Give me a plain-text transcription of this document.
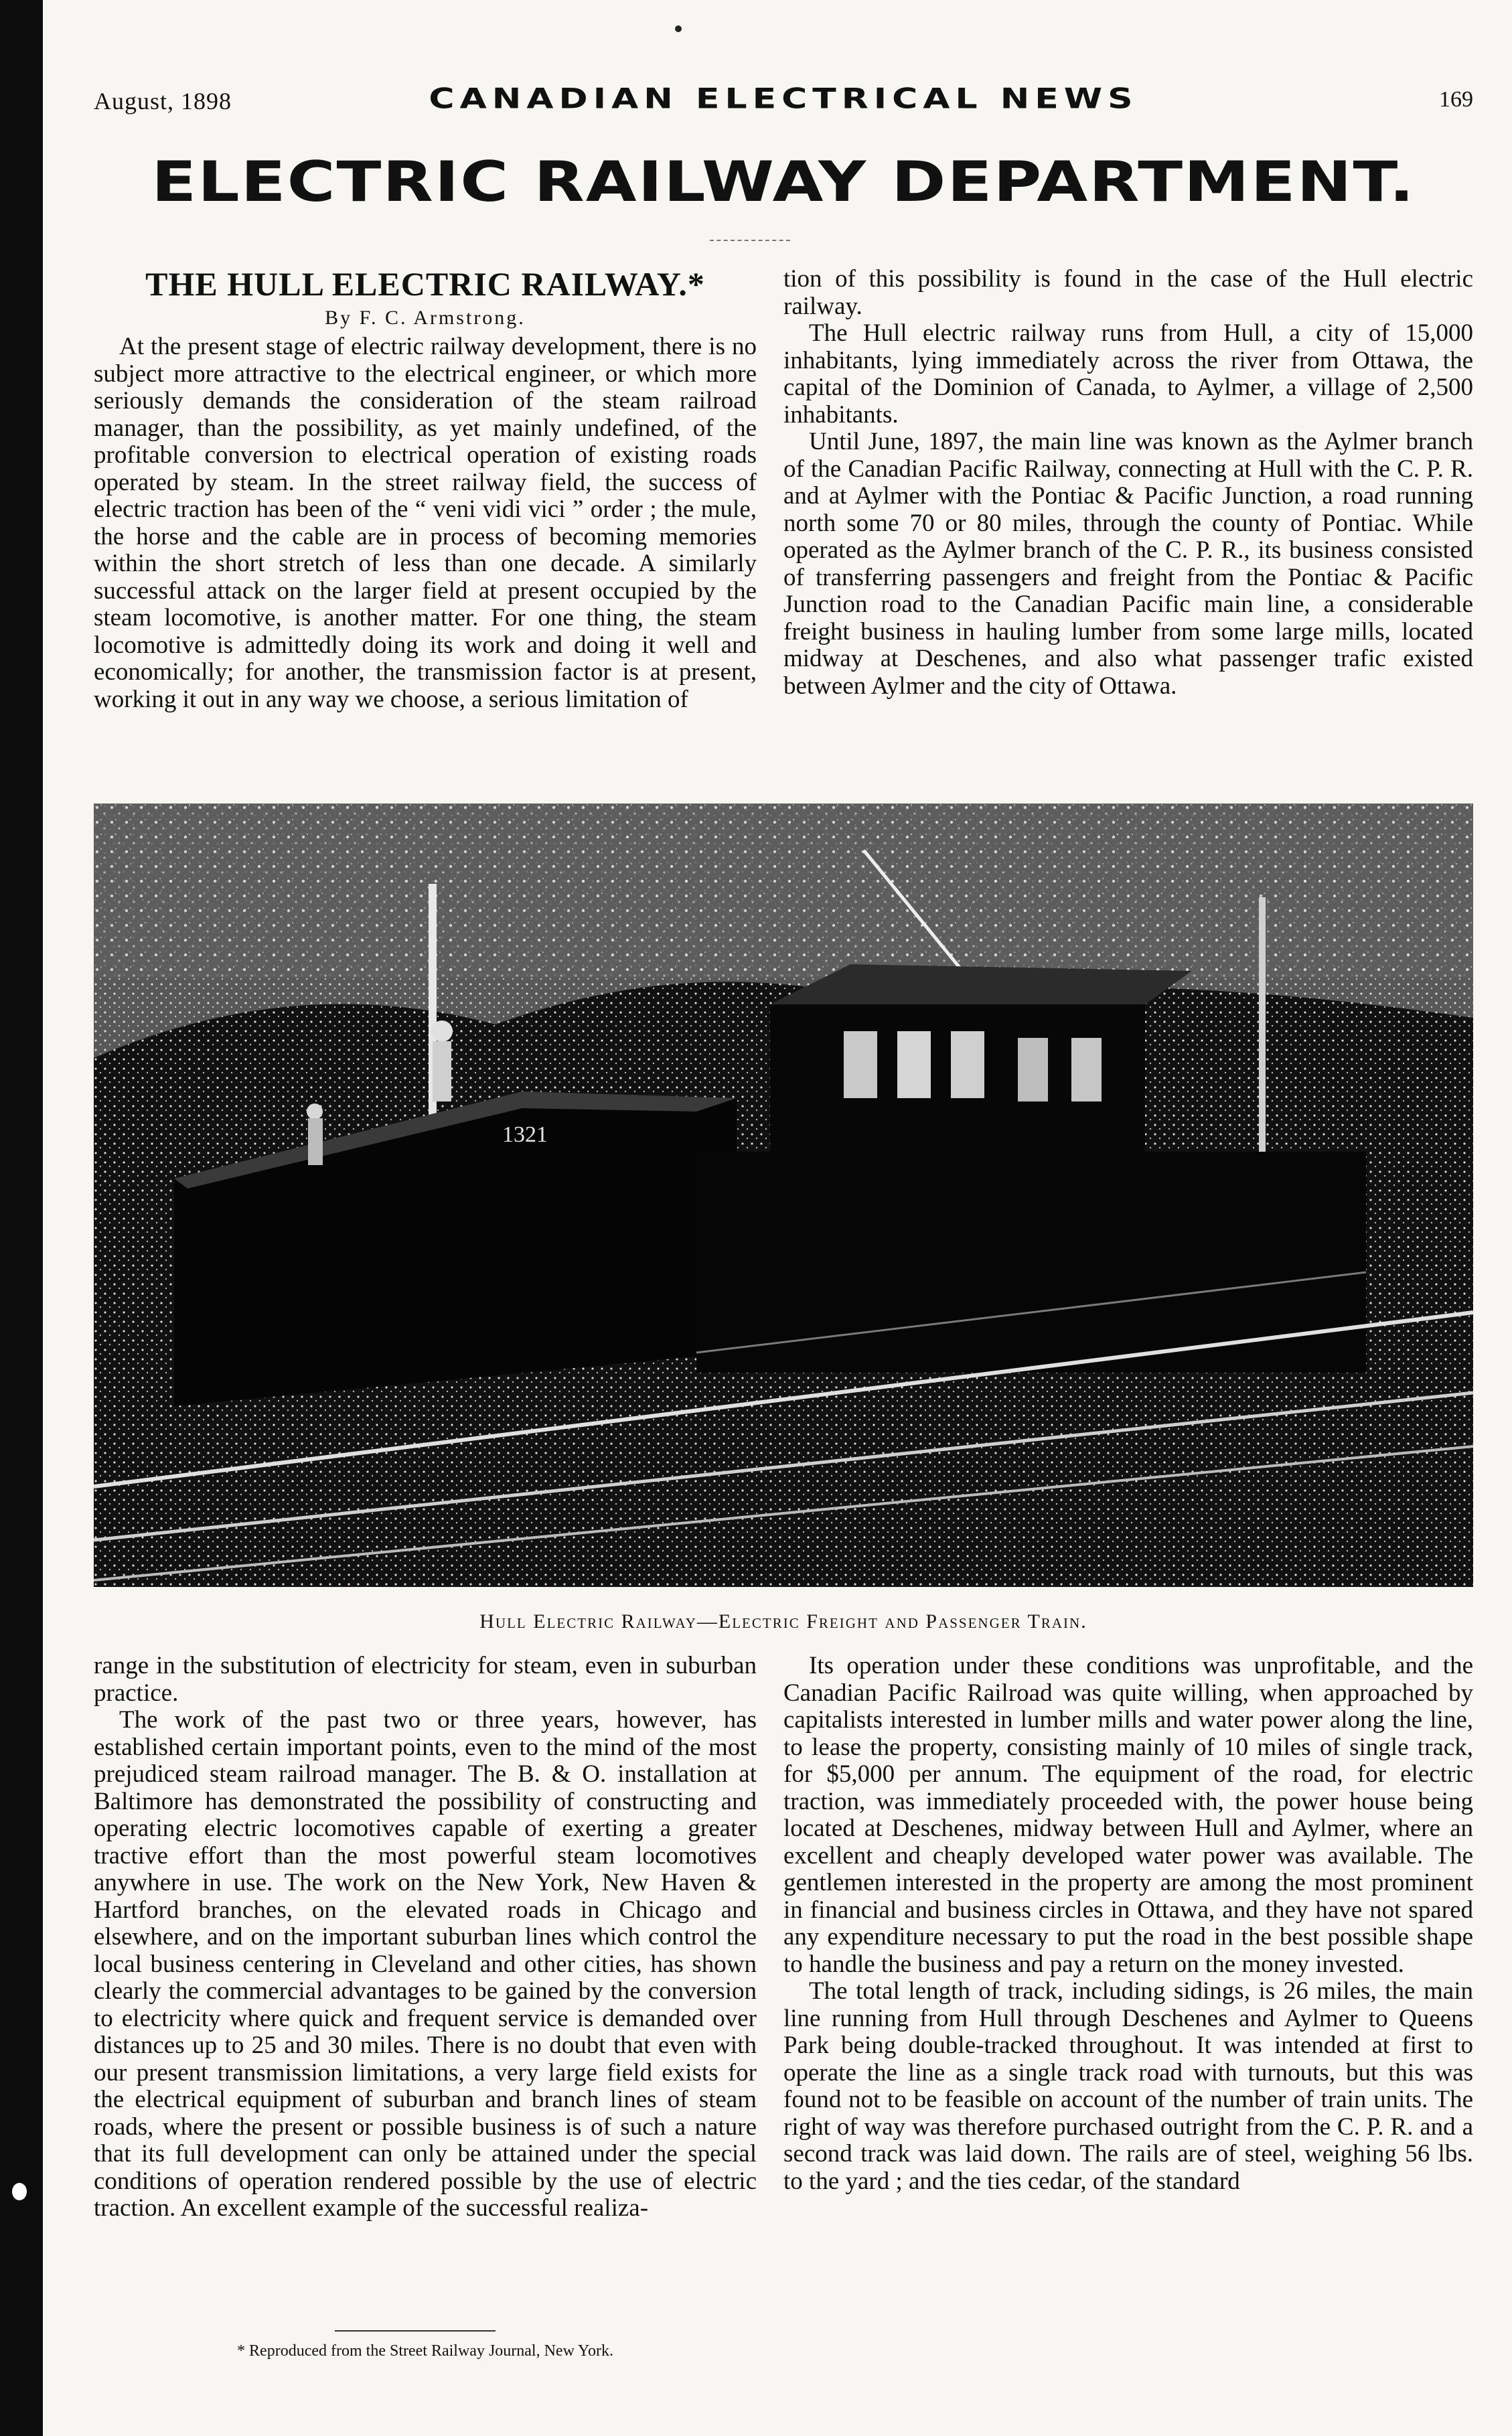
August, 1898	CANADIAN ELECTRICAL NEWS	169
ELECTRIC RAILWAY DEPARTMENT.
THE HULL ELECTRIC RAILWAY.*
By F. C. Armstrong.

At the present stage of electric railway development, there is no subject more attractive to the electrical engineer, or which more seriously demands the consideration of the steam railroad manager, than the possibility, as yet mainly undefined, of the profitable conversion to electrical operation of existing roads operated by steam. In the street railway field, the success of electric traction has been of the “ veni vidi vici ” order ; the mule, the horse and the cable are in process of becoming memories within the short stretch of less than one decade. A similarly successful attack on the larger field at present occupied by the steam locomotive, is another matter. For one thing, the steam locomotive is admittedly doing its work and doing it well and economically; for another, the transmission factor is at present, working it out in any way we choose, a serious limitation of

tion of this possibility is found in the case of the Hull electric railway.

The Hull electric railway runs from Hull, a city of 15,000 inhabitants, lying immediately across the river from Ottawa, the capital of the Dominion of Canada, to Aylmer, a village of 2,500 inhabitants.

Until June, 1897, the main line was known as the Aylmer branch of the Canadian Pacific Railway, connecting at Hull with the C. P. R. and at Aylmer with the Pontiac & Pacific Junction, a road running north some 70 or 80 miles, through the county of Pontiac. While operated as the Aylmer branch of the C. P. R., its business consisted of transferring passengers and freight from the Pontiac & Pacific Junction road to the Canadian Pacific main line, a considerable freight business in hauling lumber from some large mills, located midway at Deschenes, and also what passenger trafic existed between Aylmer and the city of Ottawa.

1321
Hull Electric Railway—Electric Freight and Passenger Train.

range in the substitution of electricity for steam, even in suburban practice.

The work of the past two or three years, however, has established certain important points, even to the mind of the most prejudiced steam railroad manager. The B. & O. installation at Baltimore has demonstrated the possibility of constructing and operating electric locomotives capable of exerting a greater tractive effort than the most powerful steam locomotives anywhere in use. The work on the New York, New Haven & Hartford branches, on the elevated roads in Chicago and elsewhere, and on the important suburban lines which control the local business centering in Cleveland and other cities, has shown clearly the commercial advantages to be gained by the conversion to electricity where quick and frequent service is demanded over distances up to 25 and 30 miles. There is no doubt that even with our present transmission limitations, a very large field exists for the electrical equipment of suburban and branch lines of steam roads, where the present or possible business is of such a nature that its full development can only be attained under the special conditions of operation rendered possible by the use of electric traction. An excellent example of the successful realiza-

Its operation under these conditions was unprofitable, and the Canadian Pacific Railroad was quite willing, when approached by capitalists interested in lumber mills and water power along the line, to lease the property, consisting mainly of 10 miles of single track, for $5,000 per annum. The equipment of the road, for electric traction, was immediately proceeded with, the power house being located at Deschenes, midway between Hull and Aylmer, where an excellent and cheaply developed water power was available. The gentlemen interested in the property are among the most prominent in financial and business circles in Ottawa, and they have not spared any expenditure necessary to put the road in the best possible shape to handle the business and pay a return on the money invested.

The total length of track, including sidings, is 26 miles, the main line running from Hull through Deschenes and Aylmer to Queens Park being double-tracked throughout. It was intended at first to operate the line as a single track road with turnouts, but this was found not to be feasible on account of the number of train units. The right of way was therefore purchased outright from the C. P. R. and a second track was laid down. The rails are of steel, weighing 56 lbs. to the yard ; and the ties cedar, of the standard

* Reproduced from the Street Railway Journal, New York.
